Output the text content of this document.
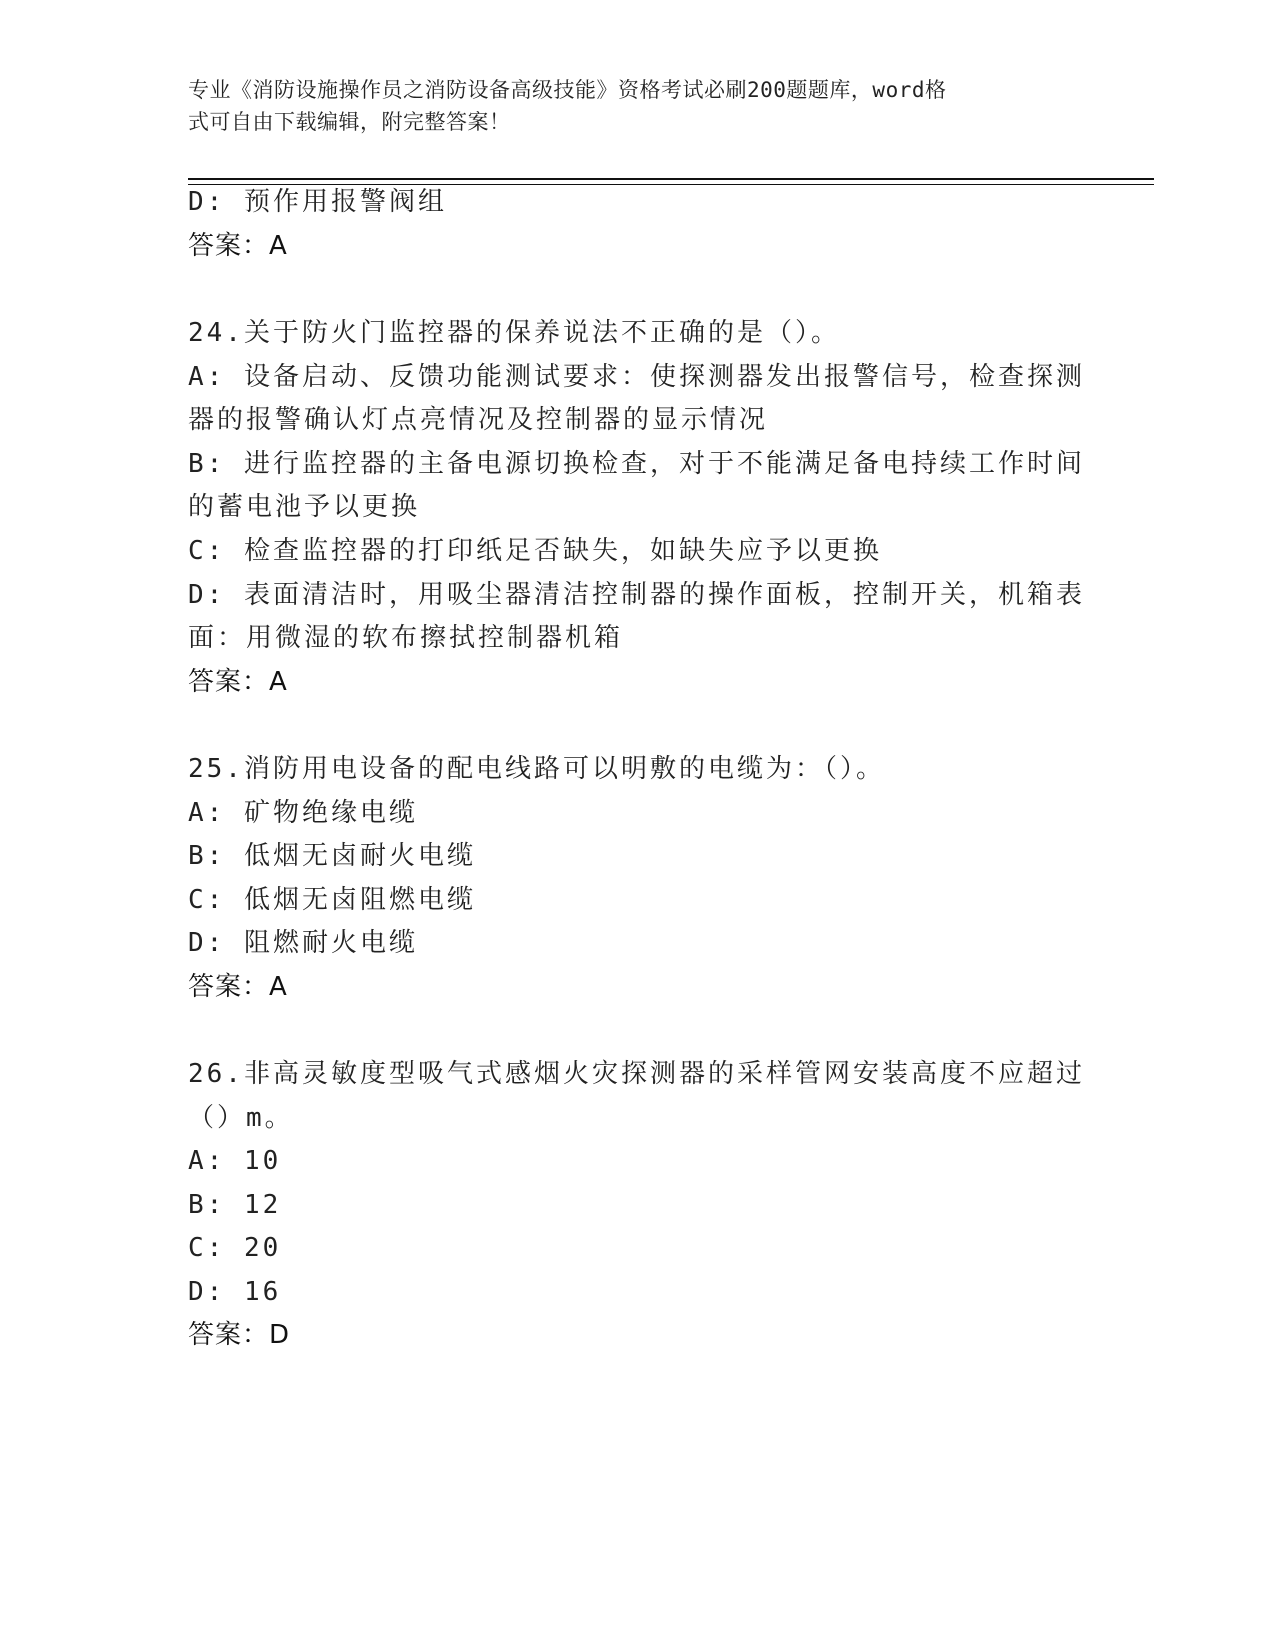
专业《消防设施操作员之消防设备高级技能》资格考试必刷200题题库，word格
式可自由下载编辑，附完整答案！
D: 预作用报警阀组
答案：A
24.关于防火门监控器的保养说法不正确的是（）。
A: 设备启动、反馈功能测试要求：使探测器发出报警信号，检查探测
器的报警确认灯点亮情况及控制器的显示情况
B: 进行监控器的主备电源切换检查，对于不能满足备电持续工作时间
的蓄电池予以更换
C: 检查监控器的打印纸足否缺失，如缺失应予以更换
D: 表面清洁时，用吸尘器清洁控制器的操作面板，控制开关，机箱表
面：用微湿的软布擦拭控制器机箱
答案：A
25.消防用电设备的配电线路可以明敷的电缆为：（）。
A: 矿物绝缘电缆
B: 低烟无卤耐火电缆
C: 低烟无卤阻燃电缆
D: 阻燃耐火电缆
答案：A
26.非高灵敏度型吸气式感烟火灾探测器的采样管网安装高度不应超过
（）m。
A: 10
B: 12
C: 20
D: 16
答案：D
